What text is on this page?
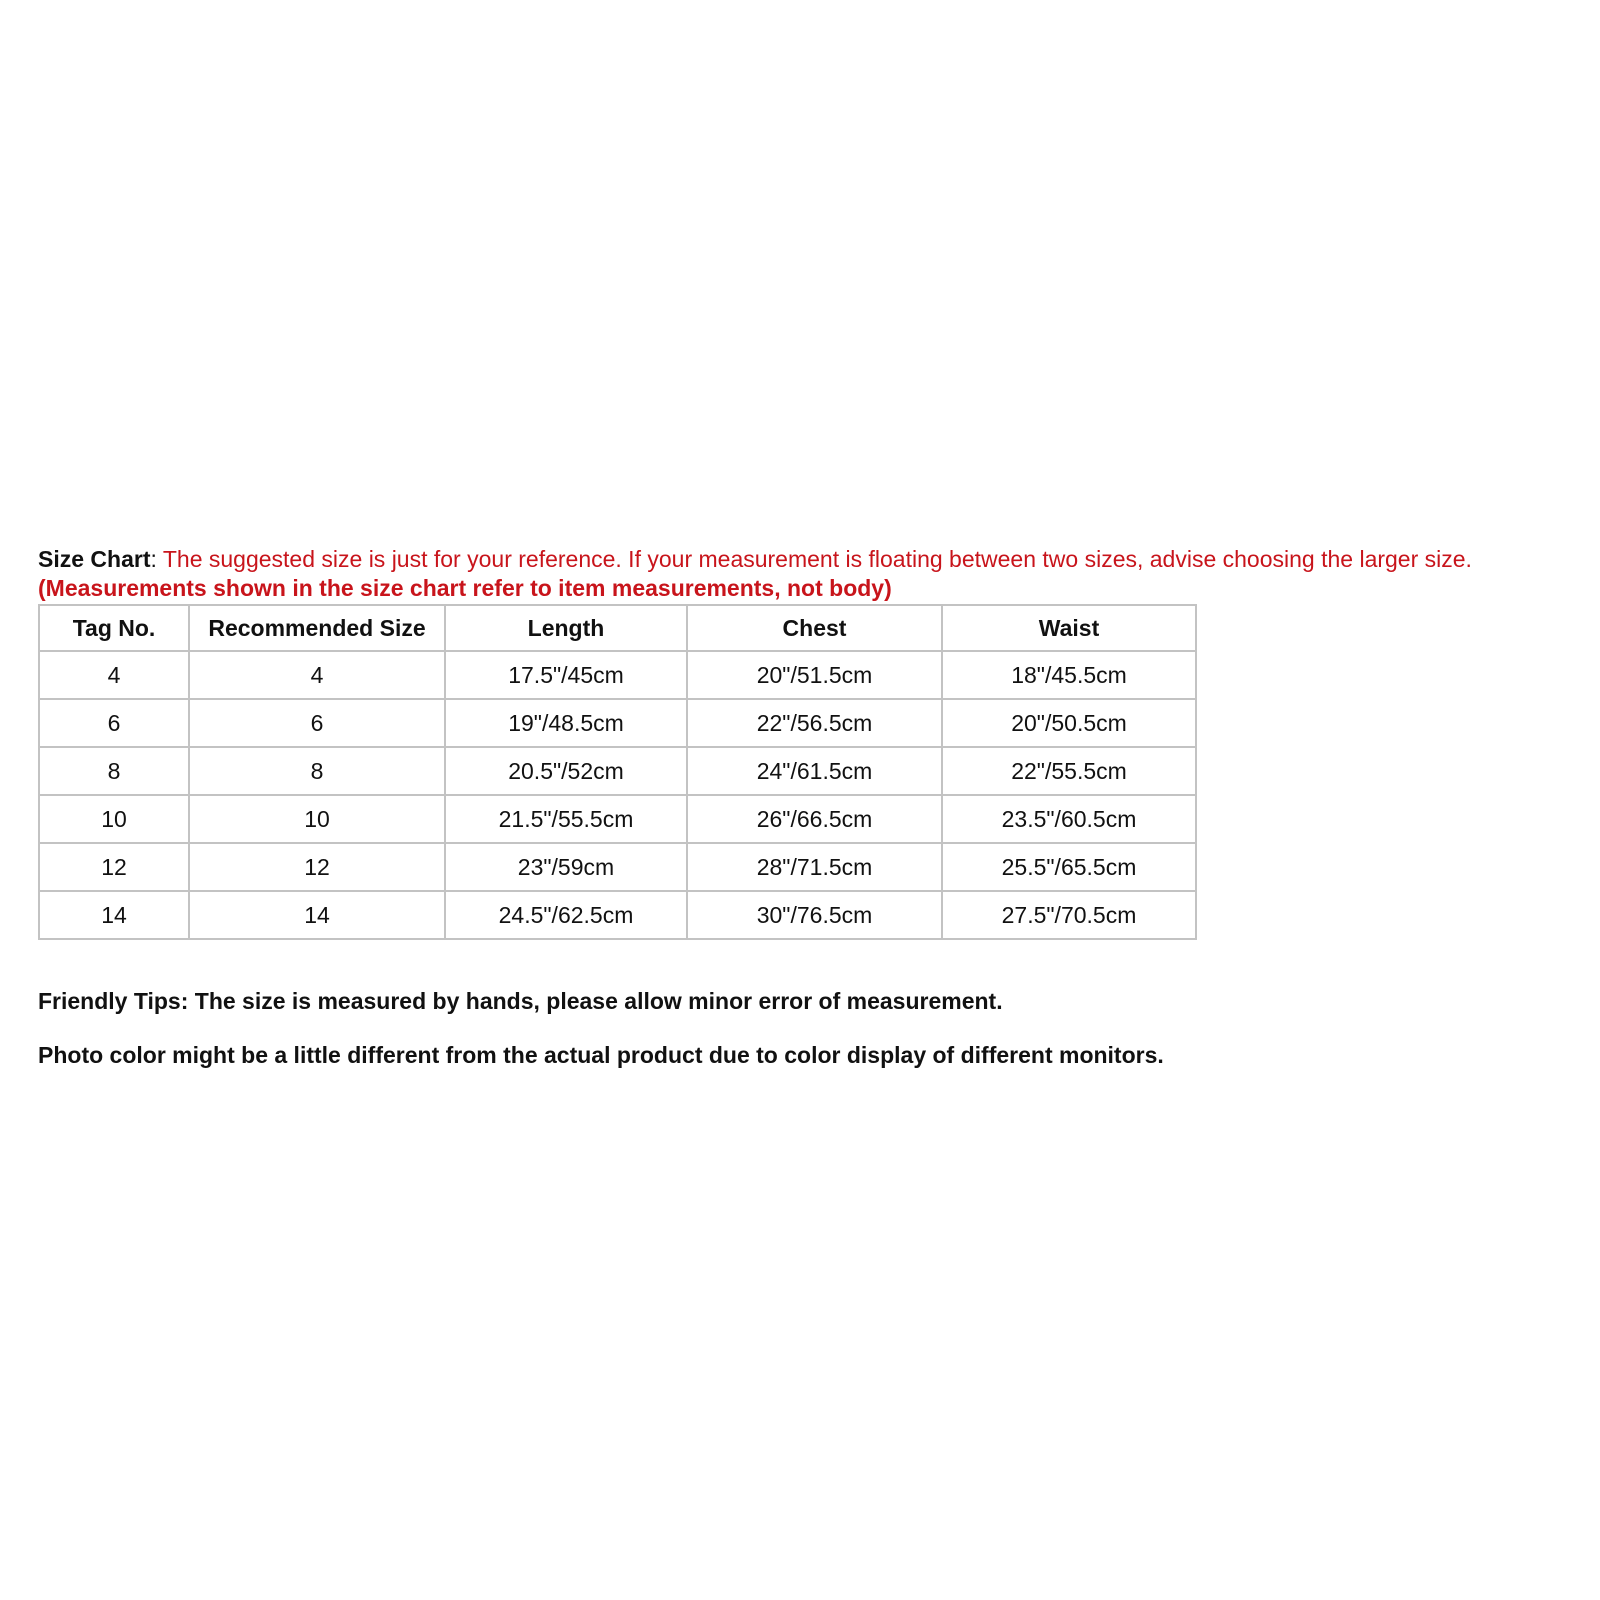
Size Chart: The suggested size is just for your reference. If your measurement is floating between two sizes, advise choosing the larger size. (Measurements shown in the size chart refer to item measurements, not body)
Tag No.	Recommended Size	Length	Chest	Waist
4	4	17.5"/45cm	20"/51.5cm	18"/45.5cm
6	6	19"/48.5cm	22"/56.5cm	20"/50.5cm
8	8	20.5"/52cm	24"/61.5cm	22"/55.5cm
10	10	21.5"/55.5cm	26"/66.5cm	23.5"/60.5cm
12	12	23"/59cm	28"/71.5cm	25.5"/65.5cm
14	14	24.5"/62.5cm	30"/76.5cm	27.5"/70.5cm
Friendly Tips: The size is measured by hands, please allow minor error of measurement.
Photo color might be a little different from the actual product due to color display of different monitors.
